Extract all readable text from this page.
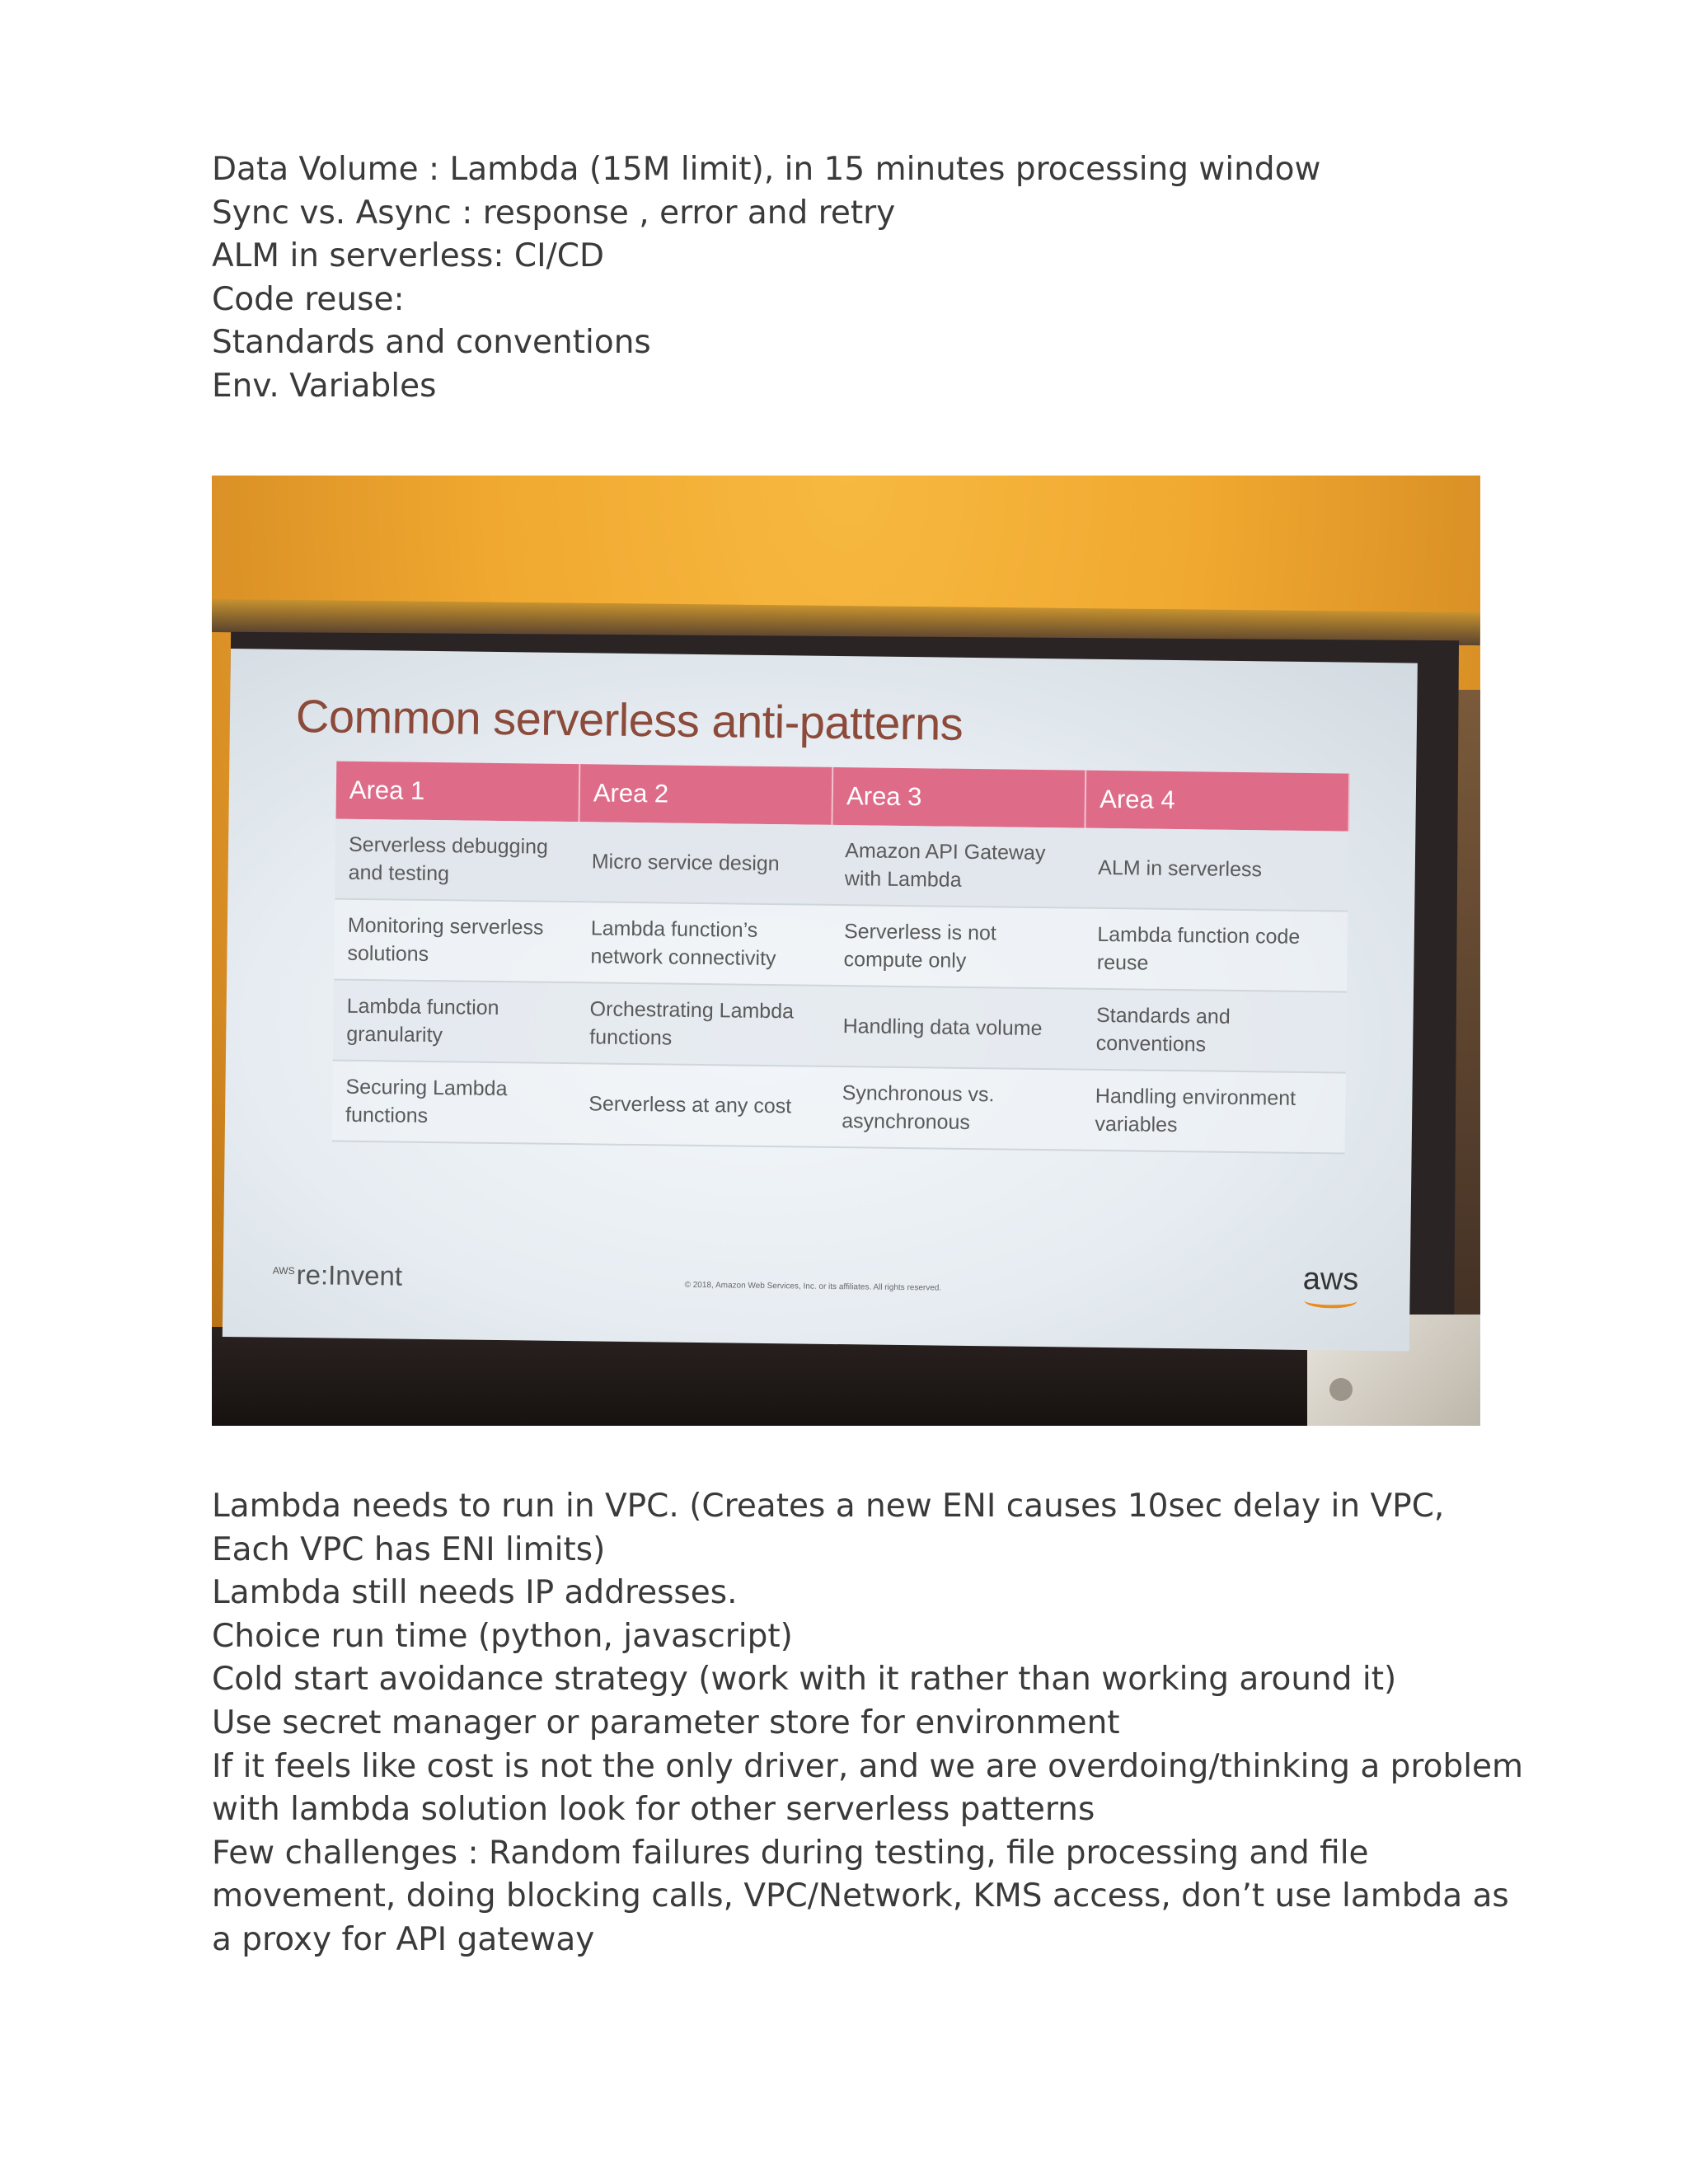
Data Volume : Lambda (15M limit), in 15 minutes processing window
Sync vs. Async : response , error and retry
ALM in serverless: CI/CD
Code reuse:
Standards and conventions
Env. Variables
Common serverless anti-patterns
Area 1	Area 2	Area 3	Area 4
Serverless debugging and testing	Micro service design	Amazon API Gateway with Lambda	ALM in serverless
Monitoring serverless solutions	Lambda function’s network connectivity	Serverless is not compute only	Lambda function code reuse
Lambda function granularity	Orchestrating Lambda functions	Handling data volume	Standards and conventions
Securing Lambda functions	Serverless at any cost	Synchronous vs. asynchronous	Handling environment variables
$^{AWS}$re:Invent	© 2018, Amazon Web Services, Inc. or its affiliates. All rights reserved.	aws
Lambda needs to run in VPC. (Creates a new ENI causes 10sec delay in VPC,
Each VPC has ENI limits)
Lambda still needs IP addresses.
Choice run time (python, javascript)
Cold start avoidance strategy (work with it rather than working around it)
Use secret manager or parameter store for environment
If it feels like cost is not the only driver, and we are overdoing/thinking a problem
with lambda solution look for other serverless patterns
Few challenges : Random failures during testing, file processing and file
movement, doing blocking calls, VPC/Network, KMS access, don’t use lambda as
a proxy for API gateway
